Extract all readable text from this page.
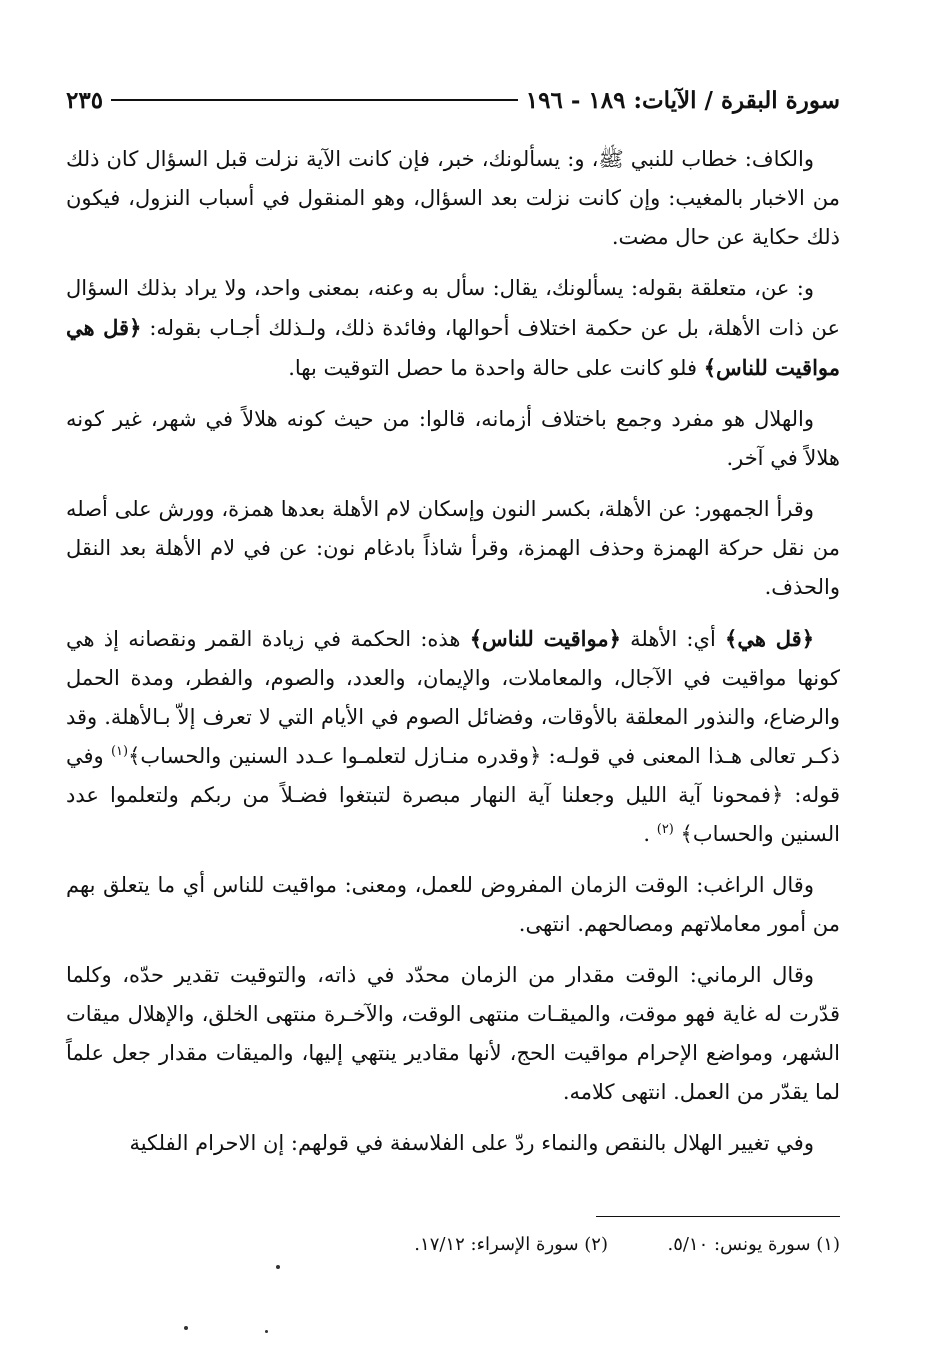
سورة البقرة / الآيات: ١٨٩ - ١٩٦
٢٣٥

والكاف: خطاب للنبي ﷺ، و: يسألونك، خبر، فإن كانت الآية نزلت قبل السؤال كان ذلك من الاخبار بالمغيب: وإن كانت نزلت بعد السؤال، وهو المنقول في أسباب النزول، فيكون ذلك حكاية عن حال مضت.

و: عن، متعلقة بقوله: يسألونك، يقال: سأل به وعنه، بمعنى واحد، ولا يراد بذلك السؤال عن ذات الأهلة، بل عن حكمة اختلاف أحوالها، وفائدة ذلك، ولـذلك أجـاب بقوله: ﴿قل هي مواقيت للناس﴾ فلو كانت على حالة واحدة ما حصل التوقيت بها.

والهلال هو مفرد وجمع باختلاف أزمانه، قالوا: من حيث كونه هلالاً في شهر، غير كونه هلالاً في آخر.

وقرأ الجمهور: عن الأهلة، بكسر النون وإسكان لام الأهلة بعدها همزة، وورش على أصله من نقل حركة الهمزة وحذف الهمزة، وقرأ شاذاً بادغام نون: عن في لام الأهلة بعد النقل والحذف.

﴿قل هي﴾ أي: الأهلة ﴿مواقيت للناس﴾ هذه: الحكمة في زيادة القمر ونقصانه إذ هي كونها مواقيت في الآجال، والمعاملات، والإيمان، والعدد، والصوم، والفطر، ومدة الحمل والرضاع، والنذور المعلقة بالأوقات، وفضائل الصوم في الأيام التي لا تعرف إلاّ بـالأهلة. وقد ذكـر تعالى هـذا المعنى في قولـه: ﴿وقدره منـازل لتعلمـوا عـدد السنين والحساب﴾$^{(١)}$ وفي قوله: ﴿فمحونا آية الليل وجعلنا آية النهار مبصرة لتبتغوا فضـلاً من ربكم ولتعلموا عدد السنين والحساب﴾ $^{(٢)}$ .

وقال الراغب: الوقت الزمان المفروض للعمل، ومعنى: مواقيت للناس أي ما يتعلق بهم من أمور معاملاتهم ومصالحهم. انتهى.

وقال الرماني: الوقت مقدار من الزمان محدّد في ذاته، والتوقيت تقدير حدّه، وكلما قدّرت له غاية فهو موقت، والميقـات منتهى الوقت، والآخـرة منتهى الخلق، والإهلال ميقات الشهر، ومواضع الإحرام مواقيت الحج، لأنها مقادير ينتهي إليها، والميقات مقدار جعل علماً لما يقدّر من العمل. انتهى كلامه.

وفي تغيير الهلال بالنقص والنماء ردّ على الفلاسفة في قولهم: إن الاحرام الفلكية

(١) سورة يونس: ٥/١٠.
(٢) سورة الإسراء: ١٧/١٢.
